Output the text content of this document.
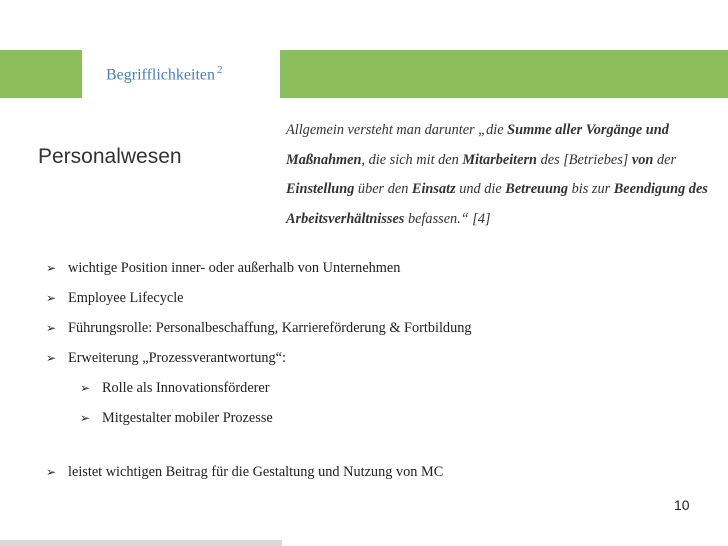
Begrifflichkeiten $^2$
Personalwesen
Allgemein versteht man darunter „die Summe aller Vorgänge und Maßnahmen, die sich mit den Mitarbeitern des [Betriebes] von der Einstellung über den Einsatz und die Betreuung bis zur Beendigung des Arbeitsverhältnisses befassen.“ [4]
➢ wichtige Position inner- oder außerhalb von Unternehmen
➢ Employee Lifecycle
➢ Führungsrolle: Personalbeschaffung, Karriereförderung & Fortbildung
➢ Erweiterung „Prozessverantwortung“:
➢ Rolle als Innovationsförderer
➢ Mitgestalter mobiler Prozesse
➢ leistet wichtigen Beitrag für die Gestaltung und Nutzung von MC
10
